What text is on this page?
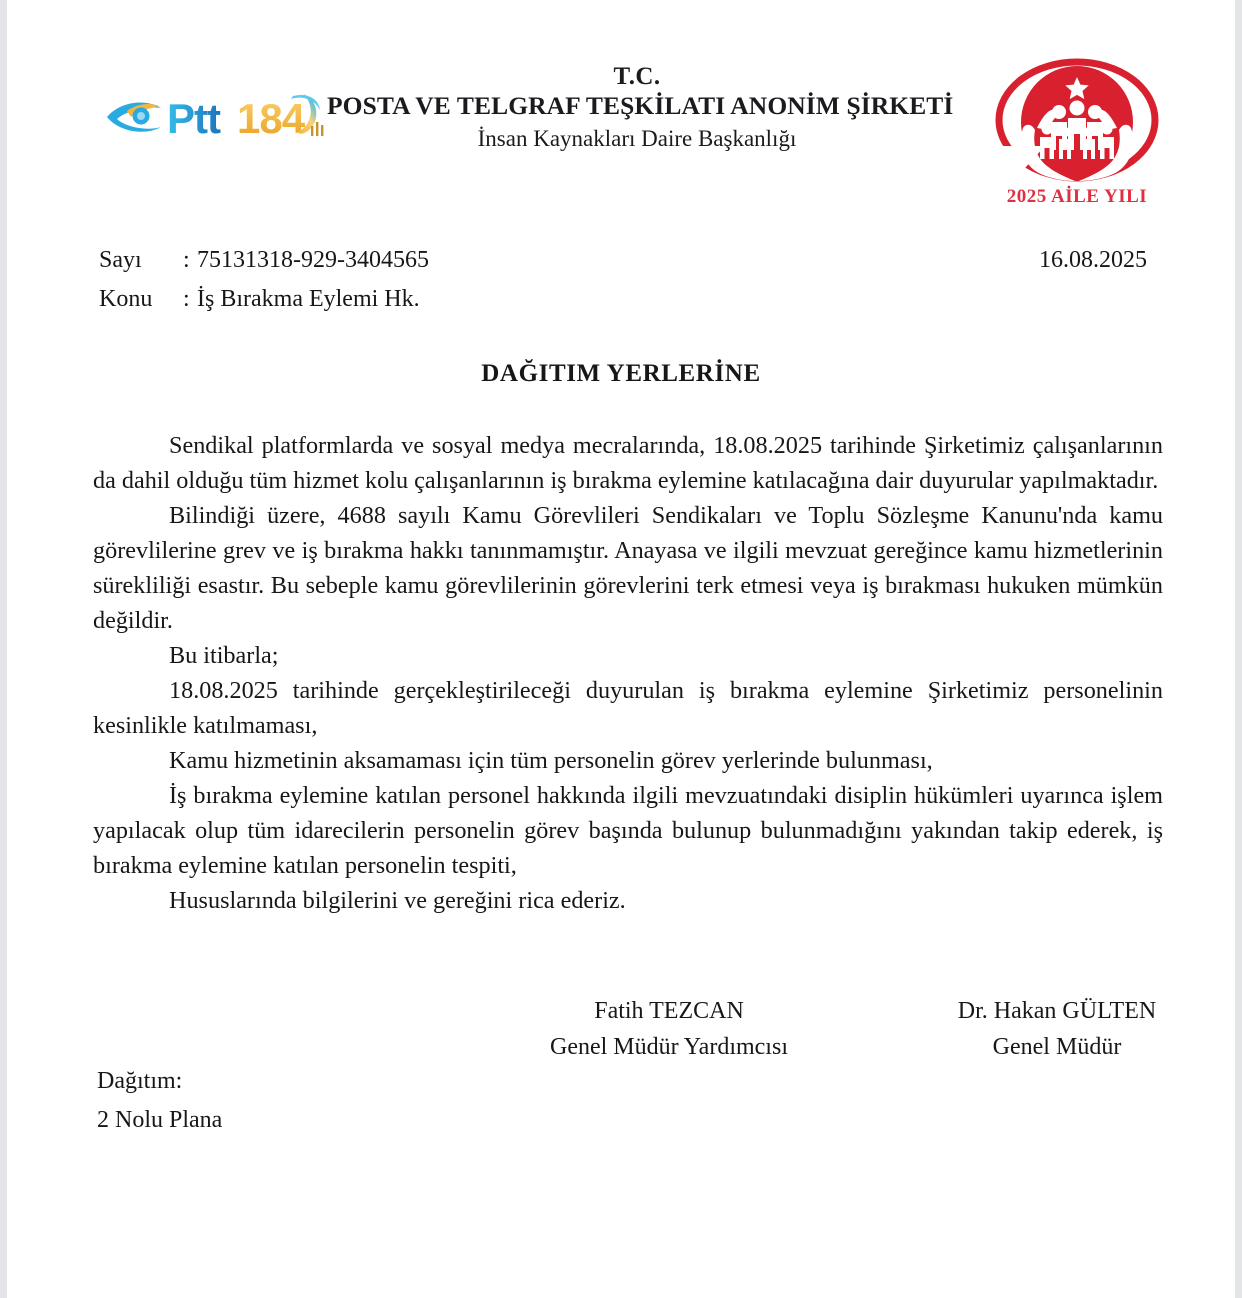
Ptt 184
T.C.
POSTA VE TELGRAF TEŞKİLATI ANONİM ŞİRKETİ
İnsan Kaynakları Daire Başkanlığı
2025 AİLE YILI
Sayı	: 75131318-929-3404565	16.08.2025
Konu	: İş Bırakma Eylemi Hk.
DAĞITIM YERLERİNE

Sendikal platformlarda ve sosyal medya mecralarında, 18.08.2025 tarihinde Şirketimiz çalışanlarının da dahil olduğu tüm hizmet kolu çalışanlarının iş bırakma eylemine katılacağına dair duyurular yapılmaktadır.

Bilindiği üzere, 4688 sayılı Kamu Görevlileri Sendikaları ve Toplu Sözleşme Kanunu'nda kamu görevlilerine grev ve iş bırakma hakkı tanınmamıştır. Anayasa ve ilgili mevzuat gereğince kamu hizmetlerinin sürekliliği esastır. Bu sebeple kamu görevlilerinin görevlerini terk etmesi veya iş bırakması hukuken mümkün değildir.

Bu itibarla;

18.08.2025 tarihinde gerçekleştirileceği duyurulan iş bırakma eylemine Şirketimiz personelinin kesinlikle katılmaması,

Kamu hizmetinin aksamaması için tüm personelin görev yerlerinde bulunması,

İş bırakma eylemine katılan personel hakkında ilgili mevzuatındaki disiplin hükümleri uyarınca işlem yapılacak olup tüm idarecilerin personelin görev başında bulunup bulunmadığını yakından takip ederek, iş bırakma eylemine katılan personelin tespiti,

Hususlarında bilgilerini ve gereğini rica ederiz.

Fatih TEZCAN
Genel Müdür Yardımcısı
Dr. Hakan GÜLTEN
Genel Müdür
Dağıtım:
2 Nolu Plana
